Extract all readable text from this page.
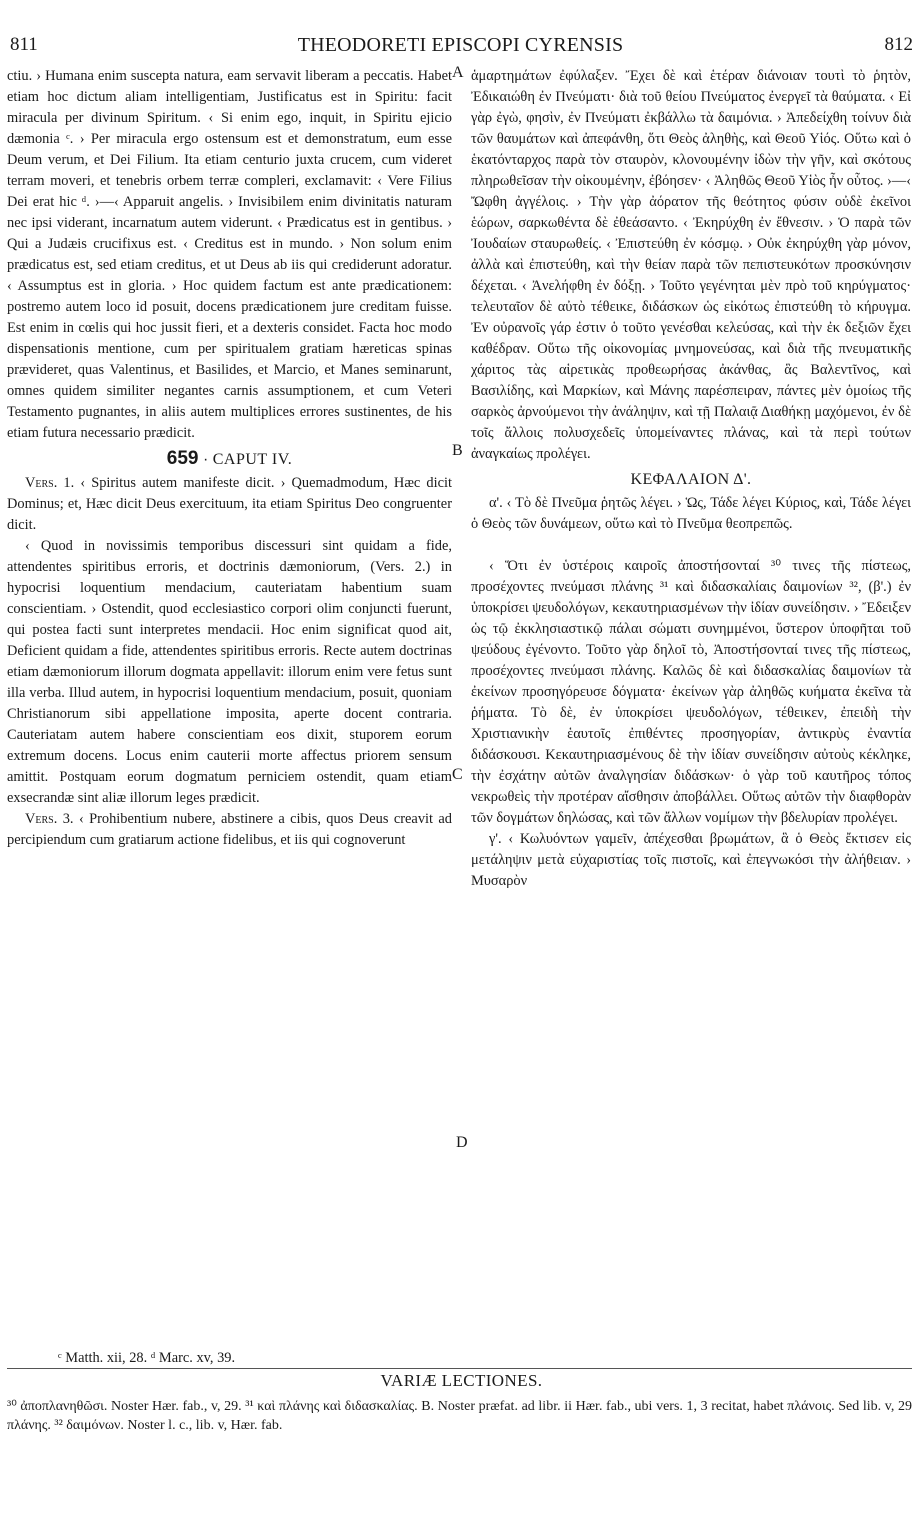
811	THEODORETI EPISCOPI CYRENSIS	812
A
B
C
D

ctiu. › Humana enim suscepta natura, eam servavit liberam a peccatis. Habet etiam hoc dictum aliam intelligentiam, Justificatus est in Spiritu: facit miracula per divinum Spiritum. ‹ Si enim ego, inquit, in Spiritu ejicio dæmonia ᶜ. › Per miracula ergo ostensum est et demonstratum, eum esse Deum verum, et Dei Filium. Ita etiam centurio juxta crucem, cum videret terram moveri, et tenebris orbem terræ compleri, exclamavit: ‹ Vere Filius Dei erat hic ᵈ. ›—‹ Apparuit angelis. › Invisibilem enim divinitatis naturam nec ipsi viderant, incarnatum autem viderunt. ‹ Prædicatus est in gentibus. › Qui a Judæis crucifixus est. ‹ Creditus est in mundo. › Non solum enim prædicatus est, sed etiam creditus, et ut Deus ab iis qui crediderunt adoratur. ‹ Assumptus est in gloria. › Hoc quidem factum est ante prædicationem: postremo autem loco id posuit, docens prædicationem jure creditam fuisse. Est enim in cœlis qui hoc jussit fieri, et a dexteris considet. Facta hoc modo dispensationis mentione, cum per spiritualem gratiam hæreticas spinas prævideret, quas Valentinus, et Basilides, et Marcio, et Manes seminarunt, omnes quidem similiter negantes carnis assumptionem, et cum Veteri Testamento pugnantes, in aliis autem multiplices errores sustinentes, de his etiam futura necessario prædicit.

659 · CAPUT IV.

Vers. 1. ‹ Spiritus autem manifeste dicit. › Quemadmodum, Hæc dicit Dominus; et, Hæc dicit Deus exercituum, ita etiam Spiritus Deo congruenter dicit.

‹ Quod in novissimis temporibus discessuri sint quidam a fide, attendentes spiritibus erroris, et doctrinis dæmoniorum, (Vers. 2.) in hypocrisi loquentium mendacium, cauteriatam habentium suam conscientiam. › Ostendit, quod ecclesiastico corpori olim conjuncti fuerunt, qui postea facti sunt interpretes mendacii. Hoc enim significat quod ait, Deficient quidam a fide, attendentes spiritibus erroris. Recte autem doctrinas etiam dæmoniorum illorum dogmata appellavit: illorum enim vere fetus sunt illa verba. Illud autem, in hypocrisi loquentium mendacium, posuit, quoniam Christianorum sibi appellatione imposita, aperte docent contraria. Cauteriatam autem habere conscientiam eos dixit, stuporem eorum extremum docens. Locus enim cauterii morte affectus priorem sensum amittit. Postquam eorum dogmatum perniciem ostendit, quam etiam exsecrandæ sint aliæ illorum leges prædicit.

Vers. 3. ‹ Prohibentium nubere, abstinere a cibis, quos Deus creavit ad percipiendum cum gratiarum actione fidelibus, et iis qui cognoverunt

ἁμαρτημάτων ἐφύλαξεν. Ἔχει δὲ καὶ ἑτέραν διάνοιαν τουτὶ τὸ ῥητὸν, Ἐδικαιώθη ἐν Πνεύματι· διὰ τοῦ θείου Πνεύματος ἐνεργεῖ τὰ θαύματα. ‹ Εἰ γὰρ ἐγὼ, φησὶν, ἐν Πνεύματι ἐκβάλλω τὰ δαιμόνια. › Ἀπεδείχθη τοίνυν διὰ τῶν θαυμάτων καὶ ἀπεφάνθη, ὅτι Θεὸς ἀληθὴς, καὶ Θεοῦ Υἱός. Οὕτω καὶ ὁ ἑκατόνταρχος παρὰ τὸν σταυρὸν, κλονουμένην ἰδὼν τὴν γῆν, καὶ σκότους πληρωθεῖσαν τὴν οἰκουμένην, ἐβόησεν· ‹ Ἀληθῶς Θεοῦ Υἱὸς ἦν οὗτος. ›—‹ Ὤφθη ἀγγέλοις. › Τὴν γὰρ ἀόρατον τῆς θεότητος φύσιν οὐδὲ ἐκεῖνοι ἑώρων, σαρκωθέντα δὲ ἐθεάσαντο. ‹ Ἐκηρύχθη ἐν ἔθνεσιν. › Ὁ παρὰ τῶν Ἰουδαίων σταυρωθείς. ‹ Ἐπιστεύθη ἐν κόσμῳ. › Οὐκ ἐκηρύχθη γὰρ μόνον, ἀλλὰ καὶ ἐπιστεύθη, καὶ τὴν θείαν παρὰ τῶν πεπιστευκότων προσκύνησιν δέχεται. ‹ Ἀνελήφθη ἐν δόξῃ. › Τοῦτο γεγένηται μὲν πρὸ τοῦ κηρύγματος· τελευταῖον δὲ αὐτὸ τέθεικε, διδάσκων ὡς εἰκότως ἐπιστεύθη τὸ κήρυγμα. Ἐν οὐρανοῖς γάρ ἐστιν ὁ τοῦτο γενέσθαι κελεύσας, καὶ τὴν ἐκ δεξιῶν ἔχει καθέδραν. Οὕτω τῆς οἰκονομίας μνημονεύσας, καὶ διὰ τῆς πνευματικῆς χάριτος τὰς αἱρετικὰς προθεωρήσας ἀκάνθας, ἃς Βαλεντῖνος, καὶ Βασιλίδης, καὶ Μαρκίων, καὶ Μάνης παρέσπειραν, πάντες μὲν ὁμοίως τῆς σαρκὸς ἀρνούμενοι τὴν ἀνάληψιν, καὶ τῇ Παλαιᾷ Διαθήκῃ μαχόμενοι, ἐν δὲ τοῖς ἄλλοις πολυσχεδεῖς ὑπομείναντες πλάνας, καὶ τὰ περὶ τούτων ἀναγκαίως προλέγει.

ΚΕΦΑΛΑΙΟΝ Δ'.

α'. ‹ Τὸ δὲ Πνεῦμα ῥητῶς λέγει. › Ὡς, Τάδε λέγει Κύριος, καὶ, Τάδε λέγει ὁ Θεὸς τῶν δυνάμεων, οὕτω καὶ τὸ Πνεῦμα θεοπρεπῶς.

‹ Ὅτι ἐν ὑστέροις καιροῖς ἀποστήσονταί ³⁰ τινες τῆς πίστεως, προσέχοντες πνεύμασι πλάνης ³¹ καὶ διδασκαλίαις δαιμονίων ³², (β'.) ἐν ὑποκρίσει ψευδολόγων, κεκαυτηριασμένων τὴν ἰδίαν συνείδησιν. › Ἔδειξεν ὡς τῷ ἐκκλησιαστικῷ πάλαι σώματι συνημμένοι, ὕστερον ὑποφῆται τοῦ ψεύδους ἐγένοντο. Τοῦτο γὰρ δηλοῖ τὸ, Ἀποστήσονταί τινες τῆς πίστεως, προσέχοντες πνεύμασι πλάνης. Καλῶς δὲ καὶ διδασκαλίας δαιμονίων τὰ ἐκείνων προσηγόρευσε δόγματα· ἐκείνων γὰρ ἀληθῶς κυήματα ἐκεῖνα τὰ ῥήματα. Τὸ δὲ, ἐν ὑποκρίσει ψευδολόγων, τέθεικεν, ἐπειδὴ τὴν Χριστιανικὴν ἑαυτοῖς ἐπιθέντες προσηγορίαν, ἀντικρὺς ἐναντία διδάσκουσι. Κεκαυτηριασμένους δὲ τὴν ἰδίαν συνείδησιν αὐτοὺς κέκληκε, τὴν ἐσχάτην αὐτῶν ἀναλγησίαν διδάσκων· ὁ γὰρ τοῦ καυτῆρος τόπος νεκρωθεὶς τὴν προτέραν αἴσθησιν ἀποβάλλει. Οὕτως αὐτῶν τὴν διαφθορὰν τῶν δογμάτων δηλώσας, καὶ τῶν ἄλλων νομίμων τὴν βδελυρίαν προλέγει.

γ'. ‹ Κωλυόντων γαμεῖν, ἀπέχεσθαι βρωμάτων, ἃ ὁ Θεὸς ἔκτισεν εἰς μετάληψιν μετὰ εὐχαριστίας τοῖς πιστοῖς, καὶ ἐπεγνωκόσι τὴν ἀλήθειαν. › Μυσαρὸν

ᶜ Matth. xii, 28. ᵈ Marc. xv, 39.
VARIÆ LECTIONES.
³⁰ ἀποπλανηθῶσι. Noster Hær. fab., v, 29. ³¹ καὶ πλάνης καὶ διδασκαλίας. B. Noster præfat. ad libr. ii Hær. fab., ubi vers. 1, 3 recitat, habet πλάνοις. Sed lib. v, 29 πλάνης. ³² δαιμόνων. Noster l. c., lib. v, Hær. fab.
